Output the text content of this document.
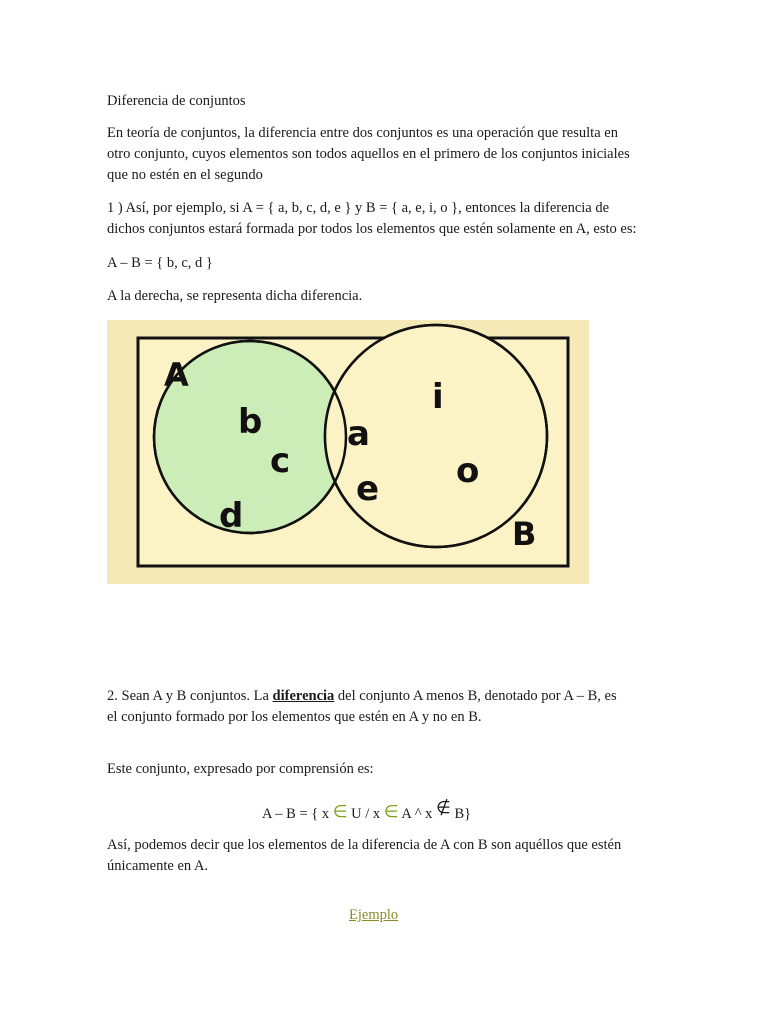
Diferencia de conjuntos

En teoría de conjuntos, la diferencia entre dos conjuntos es una operación que resulta en
otro conjunto, cuyos elementos son todos aquellos en el primero de los conjuntos iniciales
que no estén en el segundo

1 ) Así, por ejemplo, si A = { a, b, c, d, e } y B = { a, e, i, o }, entonces la diferencia de
dichos conjuntos estará formada por todos los elementos que estén solamente en A, esto es:

A – B = { b, c, d }

A la derecha, se representa dicha diferencia.

A
B
b
c
d
a
e
i
o

2. Sean A y B conjuntos. La diferencia del conjunto A menos B, denotado por A – B, es
el conjunto formado por los elementos que estén en A y no en B.

Este conjunto, expresado por comprensión es:

A – B = { x ∈ U / x ∈ A ^ x ∉ B}

Así, podemos decir que los elementos de la diferencia de A con B son aquéllos que estén
únicamente en A.

Ejemplo
